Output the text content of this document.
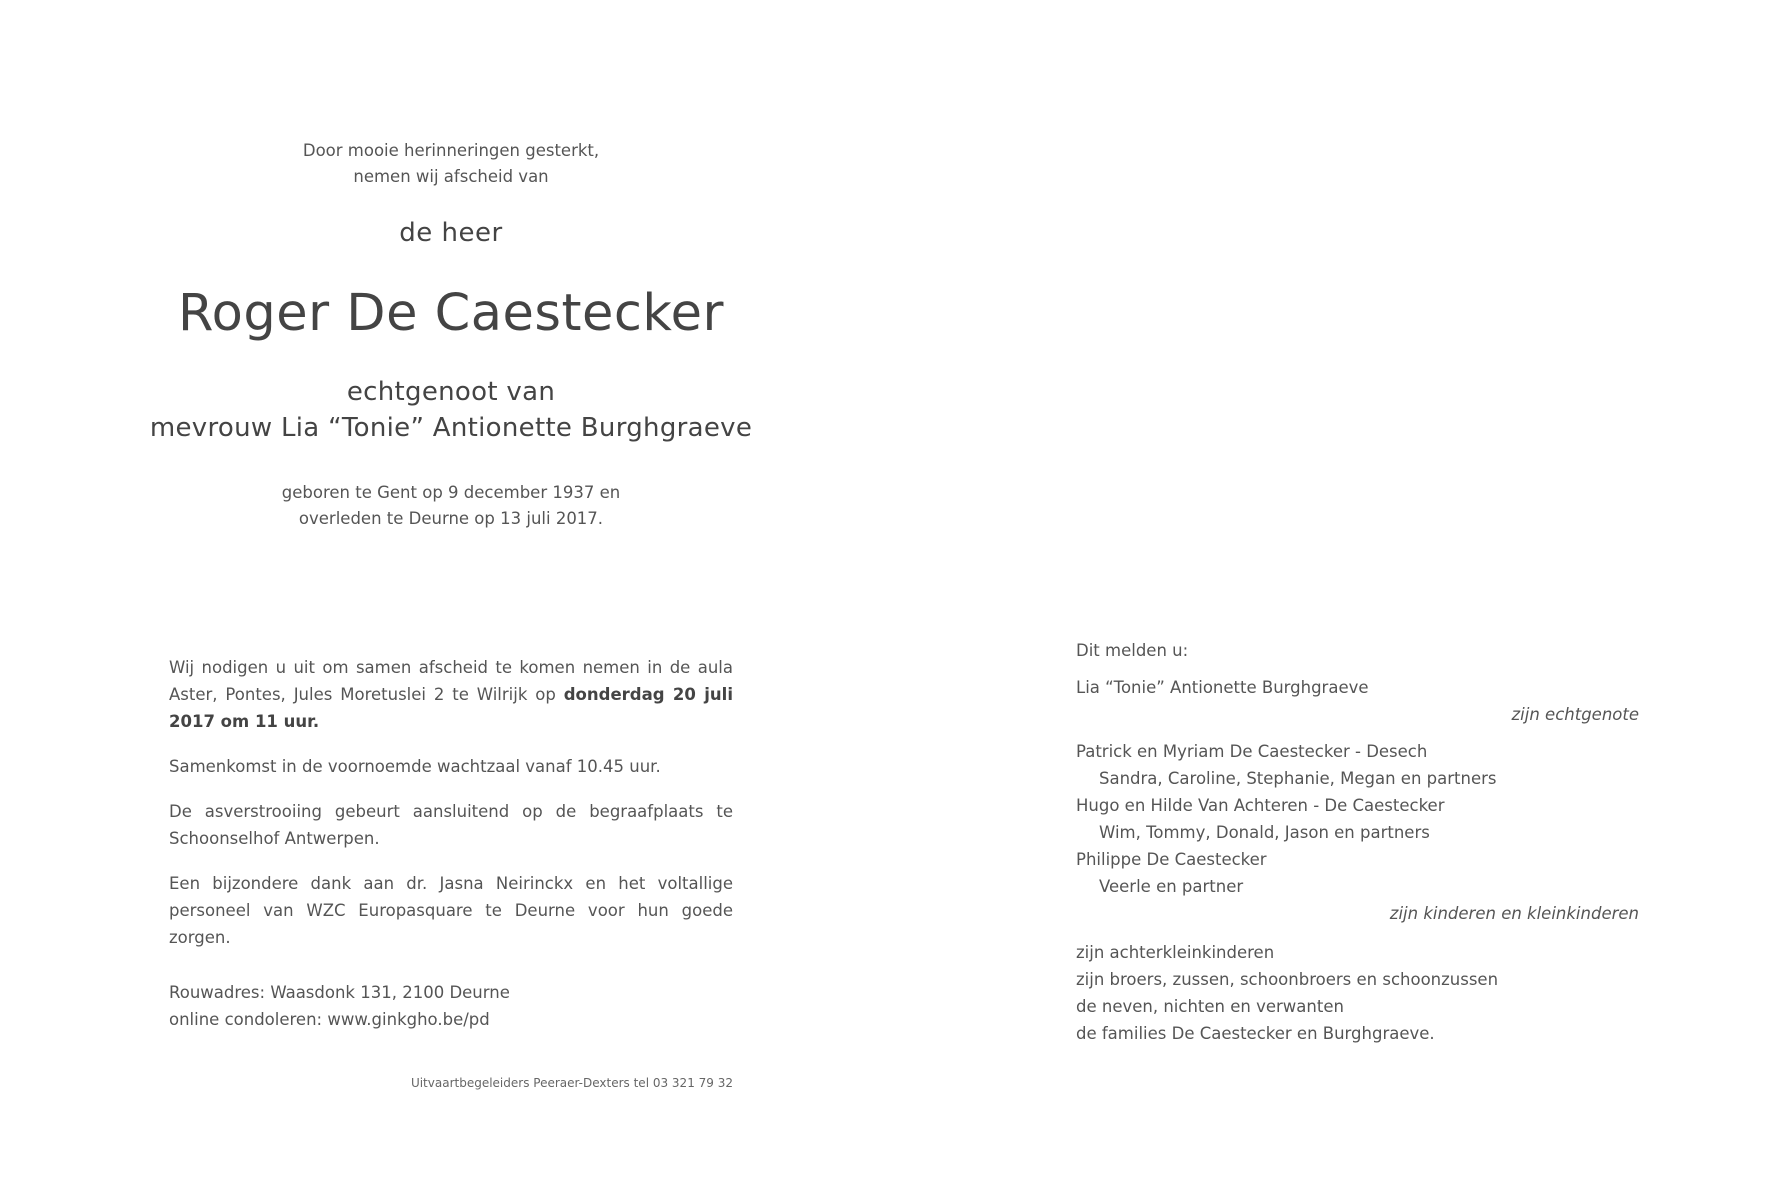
Door mooie herinneringen gesterkt,
nemen wij afscheid van
de heer
Roger De Caestecker
echtgenoot van
mevrouw Lia “Tonie” Antionette Burghgraeve
geboren te Gent op 9 december 1937 en
overleden te Deurne op 13 juli 2017.

Wij nodigen u uit om samen afscheid te komen nemen in de aula Aster, Pontes, Jules Moretuslei 2 te Wilrijk op donderdag 20 juli 2017 om 11 uur.

Samenkomst in de voornoemde wachtzaal vanaf 10.45 uur.

De asverstrooiing gebeurt aansluitend op de begraafplaats te Schoonselhof Antwerpen.

Een bijzondere dank aan dr. Jasna Neirinckx en het voltallige personeel van WZC Europasquare te Deurne voor hun goede zorgen.

Rouwadres: Waasdonk 131, 2100 Deurne
online condoleren: www.ginkgho.be/pd
Uitvaartbegeleiders Peeraer-Dexters tel 03 321 79 32
Dit melden u:
Lia “Tonie” Antionette Burghgraeve
zijn echtgenote
Patrick en Myriam De Caestecker - Desech
Sandra, Caroline, Stephanie, Megan en partners
Hugo en Hilde Van Achteren - De Caestecker
Wim, Tommy, Donald, Jason en partners
Philippe De Caestecker
Veerle en partner
zijn kinderen en kleinkinderen
zijn achterkleinkinderen
zijn broers, zussen, schoonbroers en schoonzussen
de neven, nichten en verwanten
de families De Caestecker en Burghgraeve.
